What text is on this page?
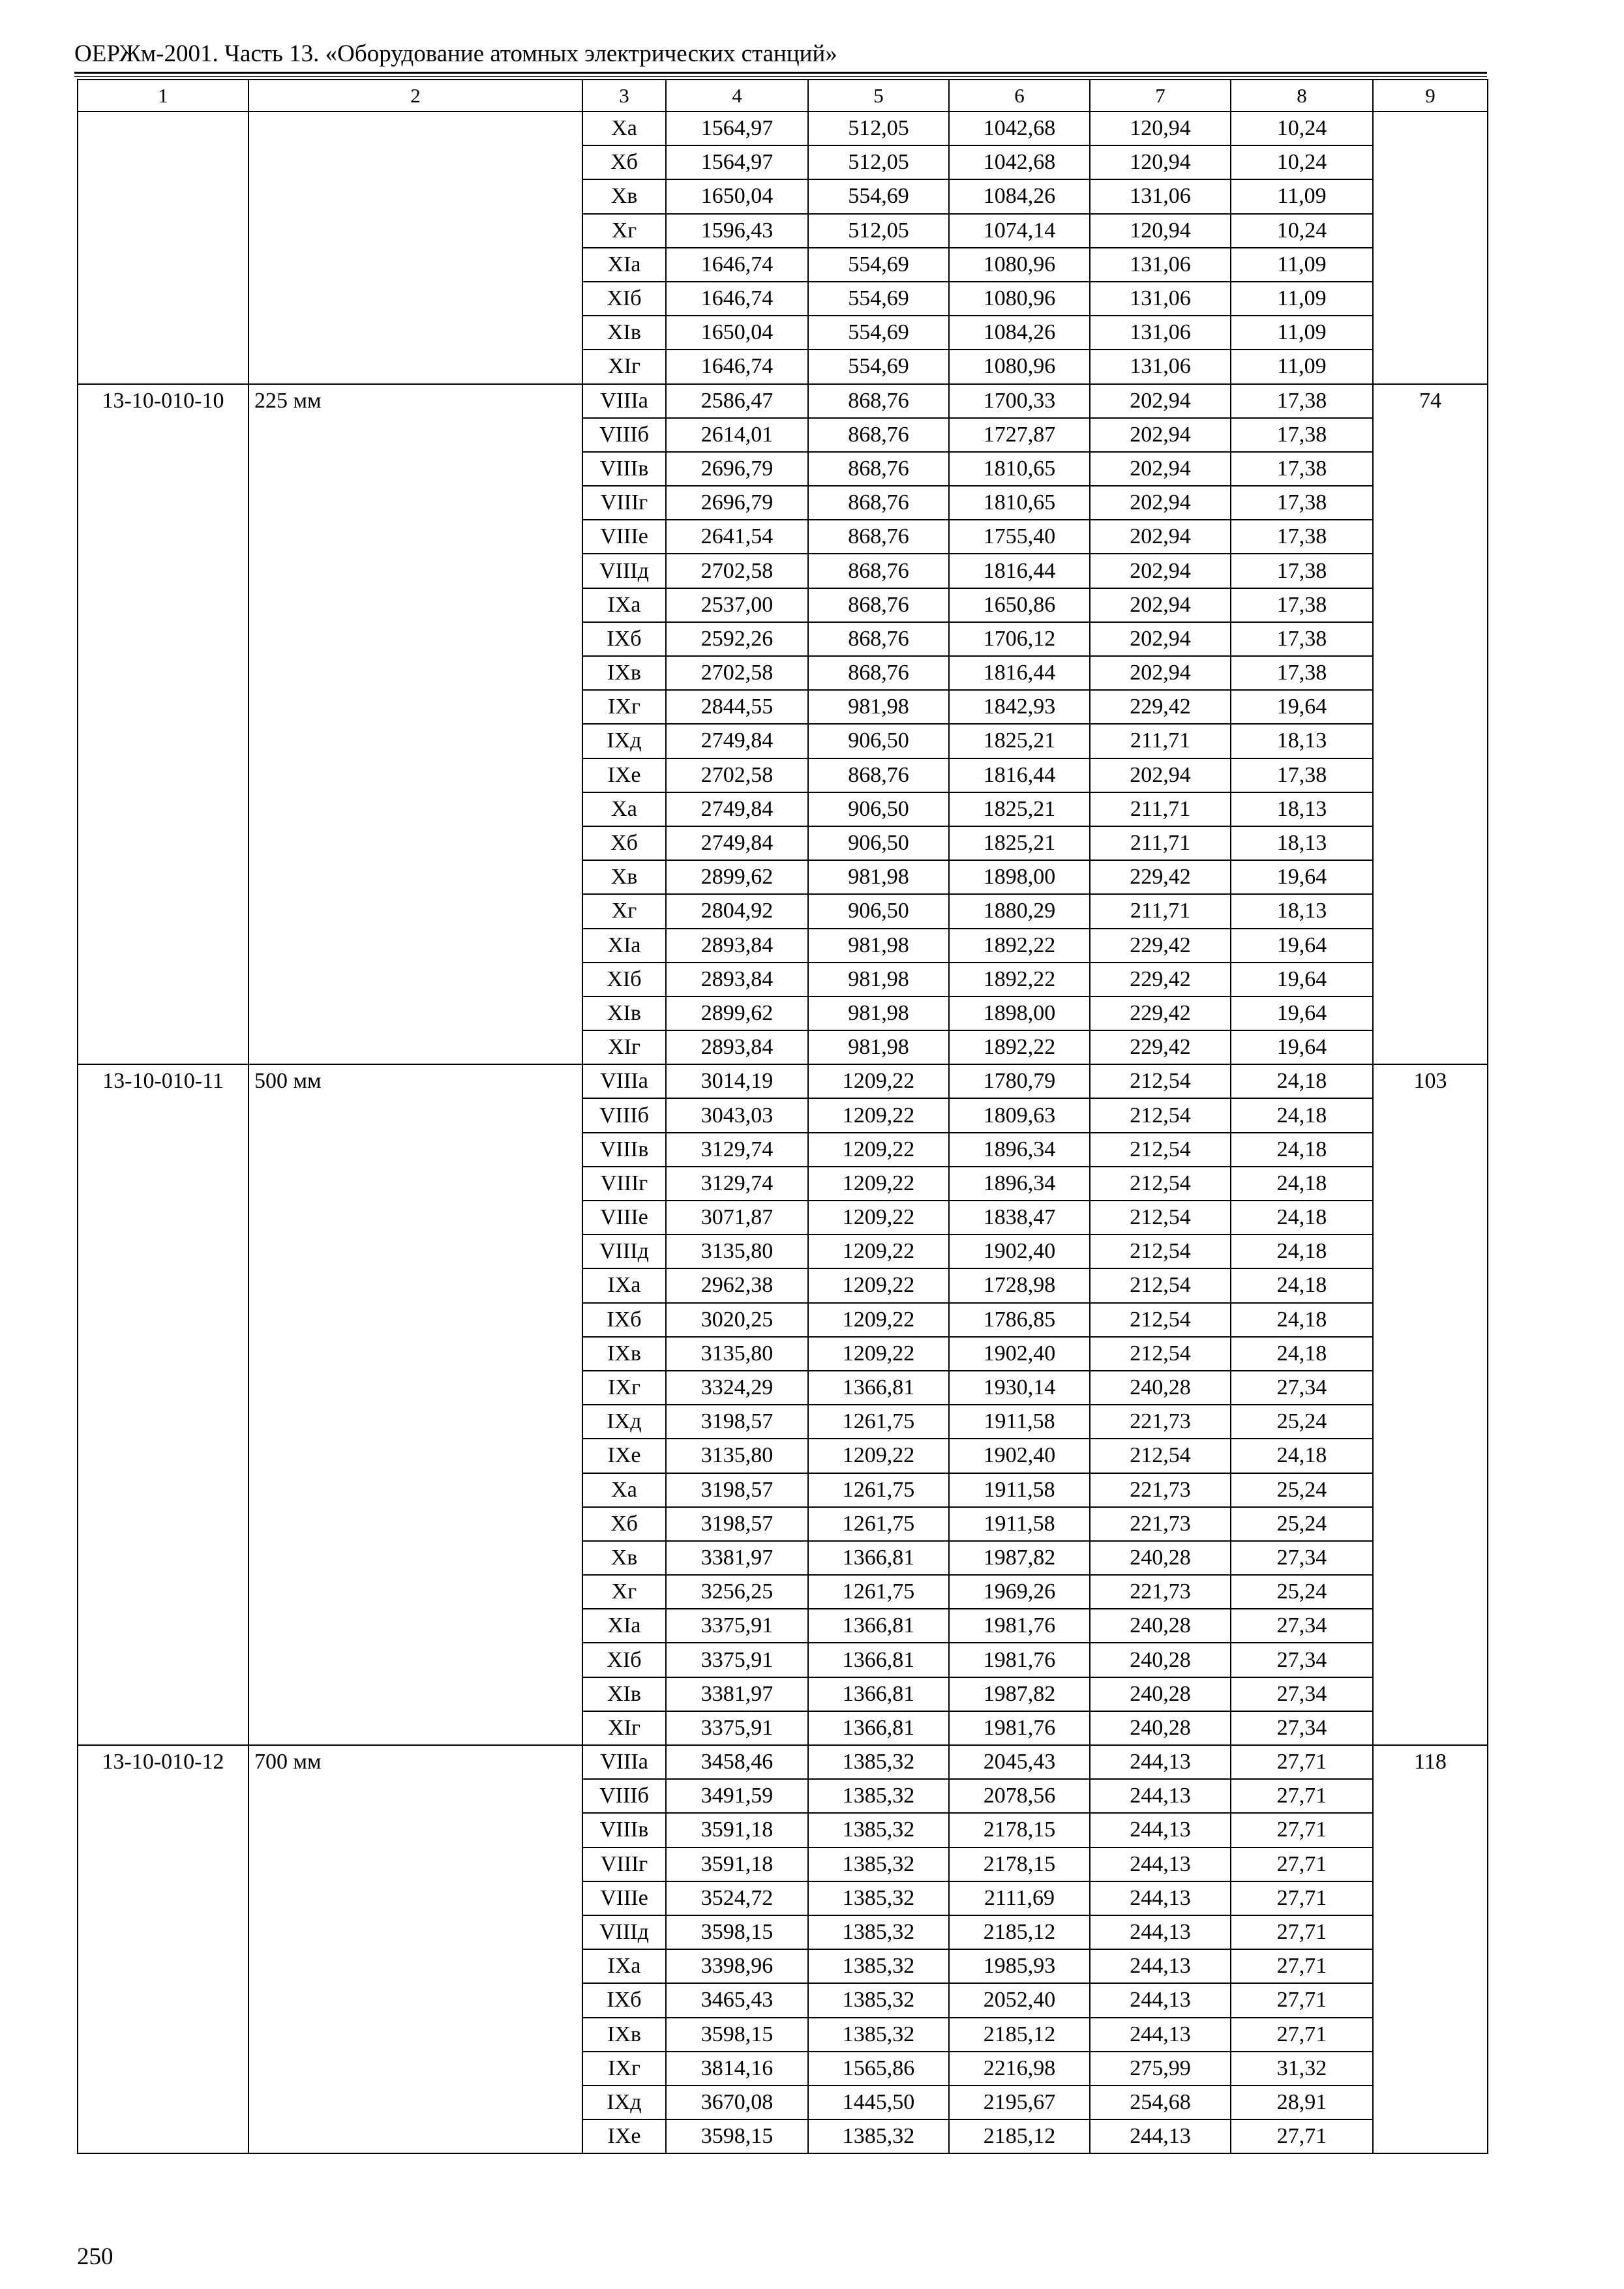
ОЕРЖм-2001. Часть 13. «Оборудование атомных электрических станций»
1	2	3	4	5	6	7	8	9
		Xa	1564,97	512,05	1042,68	120,94	10,24	
		Xб	1564,97	512,05	1042,68	120,94	10,24	
		Xв	1650,04	554,69	1084,26	131,06	11,09	
		Xг	1596,43	512,05	1074,14	120,94	10,24	
		XIa	1646,74	554,69	1080,96	131,06	11,09	
		XIб	1646,74	554,69	1080,96	131,06	11,09	
		XIв	1650,04	554,69	1084,26	131,06	11,09	
		XIг	1646,74	554,69	1080,96	131,06	11,09	
13-10-010-10	225 мм	VIIIa	2586,47	868,76	1700,33	202,94	17,38	74
		VIIIб	2614,01	868,76	1727,87	202,94	17,38	
		VIIIв	2696,79	868,76	1810,65	202,94	17,38	
		VIIIг	2696,79	868,76	1810,65	202,94	17,38	
		VIIIе	2641,54	868,76	1755,40	202,94	17,38	
		VIIIд	2702,58	868,76	1816,44	202,94	17,38	
		IXa	2537,00	868,76	1650,86	202,94	17,38	
		IXб	2592,26	868,76	1706,12	202,94	17,38	
		IXв	2702,58	868,76	1816,44	202,94	17,38	
		IXг	2844,55	981,98	1842,93	229,42	19,64	
		IXд	2749,84	906,50	1825,21	211,71	18,13	
		IXе	2702,58	868,76	1816,44	202,94	17,38	
		Xa	2749,84	906,50	1825,21	211,71	18,13	
		Xб	2749,84	906,50	1825,21	211,71	18,13	
		Xв	2899,62	981,98	1898,00	229,42	19,64	
		Xг	2804,92	906,50	1880,29	211,71	18,13	
		XIa	2893,84	981,98	1892,22	229,42	19,64	
		XIб	2893,84	981,98	1892,22	229,42	19,64	
		XIв	2899,62	981,98	1898,00	229,42	19,64	
		XIг	2893,84	981,98	1892,22	229,42	19,64	
13-10-010-11	500 мм	VIIIa	3014,19	1209,22	1780,79	212,54	24,18	103
		VIIIб	3043,03	1209,22	1809,63	212,54	24,18	
		VIIIв	3129,74	1209,22	1896,34	212,54	24,18	
		VIIIг	3129,74	1209,22	1896,34	212,54	24,18	
		VIIIе	3071,87	1209,22	1838,47	212,54	24,18	
		VIIIд	3135,80	1209,22	1902,40	212,54	24,18	
		IXa	2962,38	1209,22	1728,98	212,54	24,18	
		IXб	3020,25	1209,22	1786,85	212,54	24,18	
		IXв	3135,80	1209,22	1902,40	212,54	24,18	
		IXг	3324,29	1366,81	1930,14	240,28	27,34	
		IXд	3198,57	1261,75	1911,58	221,73	25,24	
		IXе	3135,80	1209,22	1902,40	212,54	24,18	
		Xa	3198,57	1261,75	1911,58	221,73	25,24	
		Xб	3198,57	1261,75	1911,58	221,73	25,24	
		Xв	3381,97	1366,81	1987,82	240,28	27,34	
		Xг	3256,25	1261,75	1969,26	221,73	25,24	
		XIa	3375,91	1366,81	1981,76	240,28	27,34	
		XIб	3375,91	1366,81	1981,76	240,28	27,34	
		XIв	3381,97	1366,81	1987,82	240,28	27,34	
		XIг	3375,91	1366,81	1981,76	240,28	27,34	
13-10-010-12	700 мм	VIIIa	3458,46	1385,32	2045,43	244,13	27,71	118
		VIIIб	3491,59	1385,32	2078,56	244,13	27,71	
		VIIIв	3591,18	1385,32	2178,15	244,13	27,71	
		VIIIг	3591,18	1385,32	2178,15	244,13	27,71	
		VIIIе	3524,72	1385,32	2111,69	244,13	27,71	
		VIIIд	3598,15	1385,32	2185,12	244,13	27,71	
		IXa	3398,96	1385,32	1985,93	244,13	27,71	
		IXб	3465,43	1385,32	2052,40	244,13	27,71	
		IXв	3598,15	1385,32	2185,12	244,13	27,71	
		IXг	3814,16	1565,86	2216,98	275,99	31,32	
		IXд	3670,08	1445,50	2195,67	254,68	28,91	
		IXе	3598,15	1385,32	2185,12	244,13	27,71	
250
